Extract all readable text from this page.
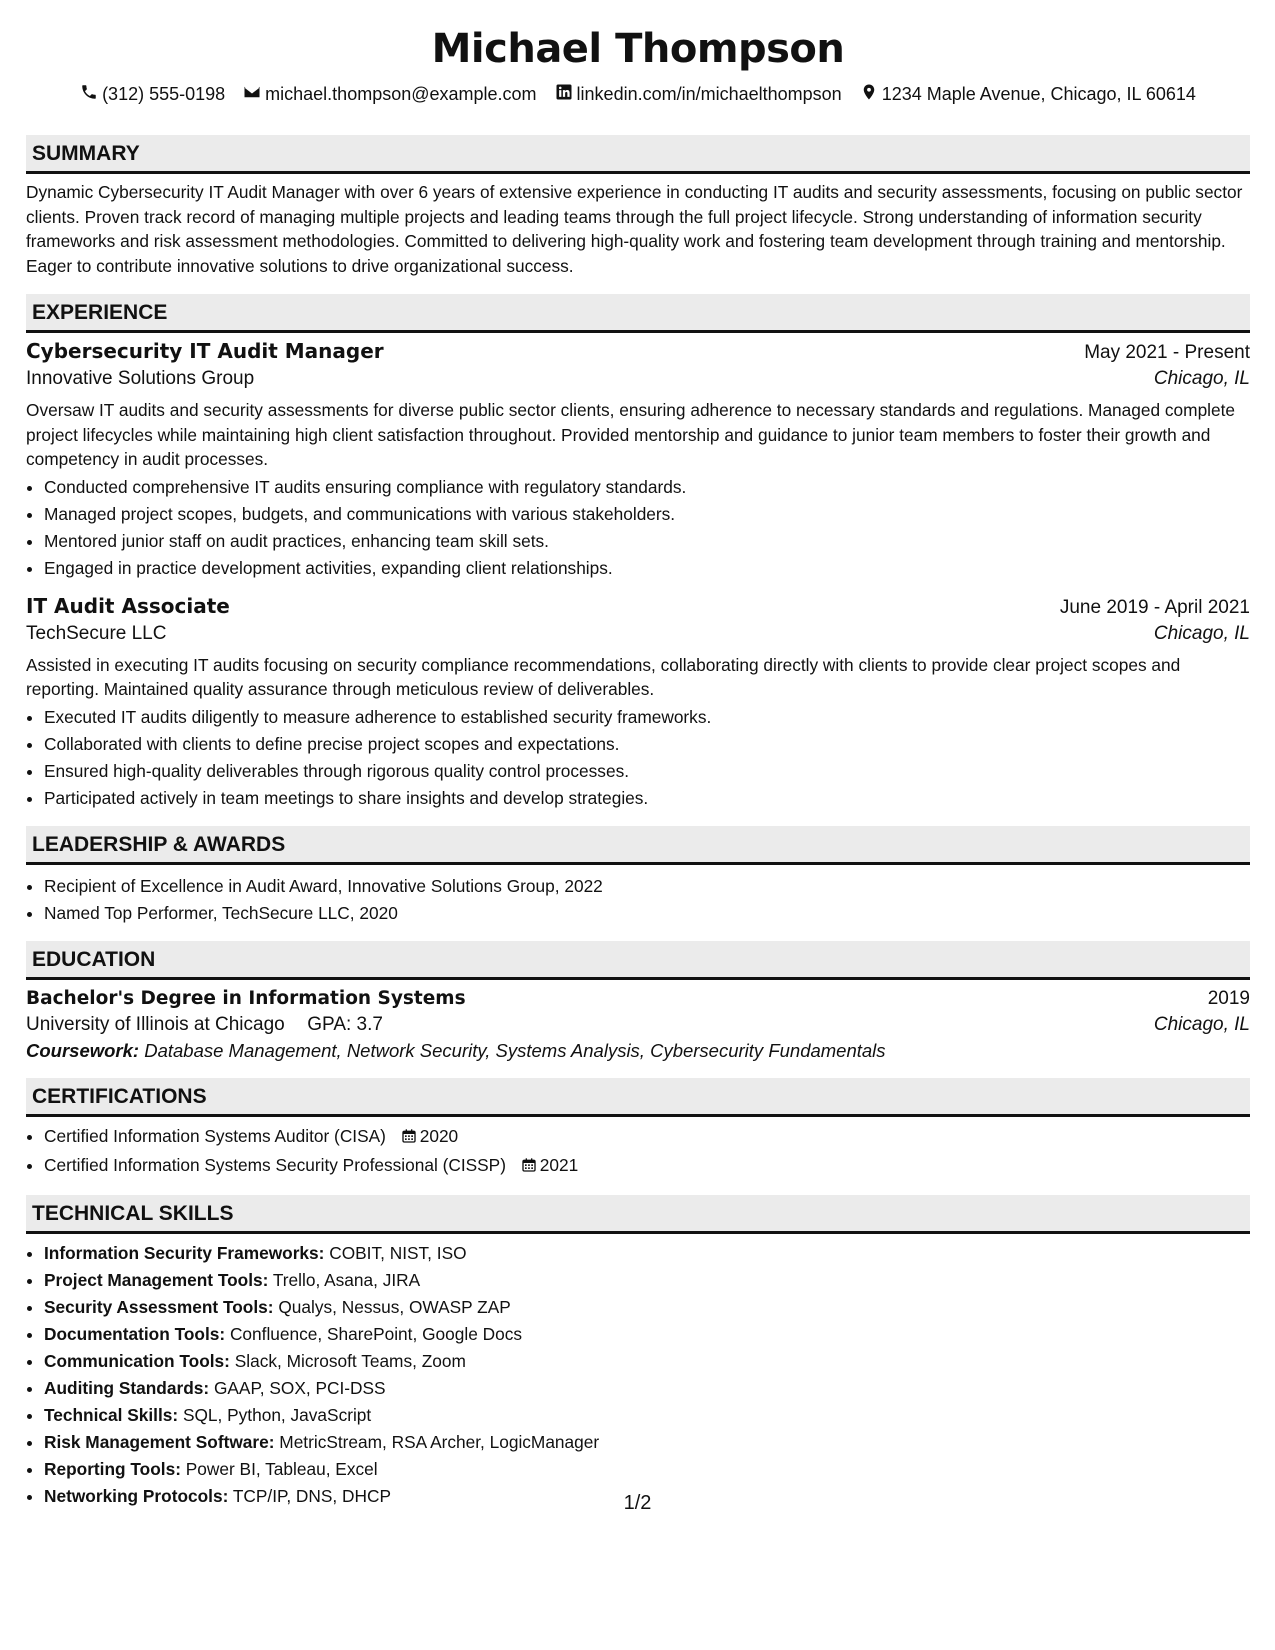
Michael Thompson
(312) 555-0198 michael.thompson@example.com linkedin.com/in/michaelthompson 1234 Maple Avenue, Chicago, IL 60614
SUMMARY

Dynamic Cybersecurity IT Audit Manager with over 6 years of extensive experience in conducting IT audits and security assessments, focusing on public sector clients. Proven track record of managing multiple projects and leading teams through the full project lifecycle. Strong understanding of information security frameworks and risk assessment methodologies. Committed to delivering high-quality work and fostering team development through training and mentorship. Eager to contribute innovative solutions to drive organizational success.

EXPERIENCE
Cybersecurity IT Audit Manager	May 2021 - Present
Innovative Solutions Group	Chicago, IL

Oversaw IT audits and security assessments for diverse public sector clients, ensuring adherence to necessary standards and regulations. Managed complete project lifecycles while maintaining high client satisfaction throughout. Provided mentorship and guidance to junior team members to foster their growth and competency in audit processes.

• Conducted comprehensive IT audits ensuring compliance with regulatory standards.
• Managed project scopes, budgets, and communications with various stakeholders.
• Mentored junior staff on audit practices, enhancing team skill sets.
• Engaged in practice development activities, expanding client relationships.
IT Audit Associate	June 2019 - April 2021
TechSecure LLC	Chicago, IL

Assisted in executing IT audits focusing on security compliance recommendations, collaborating directly with clients to provide clear project scopes and reporting. Maintained quality assurance through meticulous review of deliverables.

• Executed IT audits diligently to measure adherence to established security frameworks.
• Collaborated with clients to define precise project scopes and expectations.
• Ensured high-quality deliverables through rigorous quality control processes.
• Participated actively in team meetings to share insights and develop strategies.
LEADERSHIP & AWARDS
• Recipient of Excellence in Audit Award, Innovative Solutions Group, 2022
• Named Top Performer, TechSecure LLC, 2020
EDUCATION
Bachelor's Degree in Information Systems	2019
University of Illinois at Chicago GPA: 3.7	Chicago, IL
Coursework: Database Management, Network Security, Systems Analysis, Cybersecurity Fundamentals
CERTIFICATIONS
• Certified Information Systems Auditor (CISA) 2020
• Certified Information Systems Security Professional (CISSP) 2021
TECHNICAL SKILLS
• Information Security Frameworks: COBIT, NIST, ISO
• Project Management Tools: Trello, Asana, JIRA
• Security Assessment Tools: Qualys, Nessus, OWASP ZAP
• Documentation Tools: Confluence, SharePoint, Google Docs
• Communication Tools: Slack, Microsoft Teams, Zoom
• Auditing Standards: GAAP, SOX, PCI-DSS
• Technical Skills: SQL, Python, JavaScript
• Risk Management Software: MetricStream, RSA Archer, LogicManager
• Reporting Tools: Power BI, Tableau, Excel
• Networking Protocols: TCP/IP, DNS, DHCP	1/2
